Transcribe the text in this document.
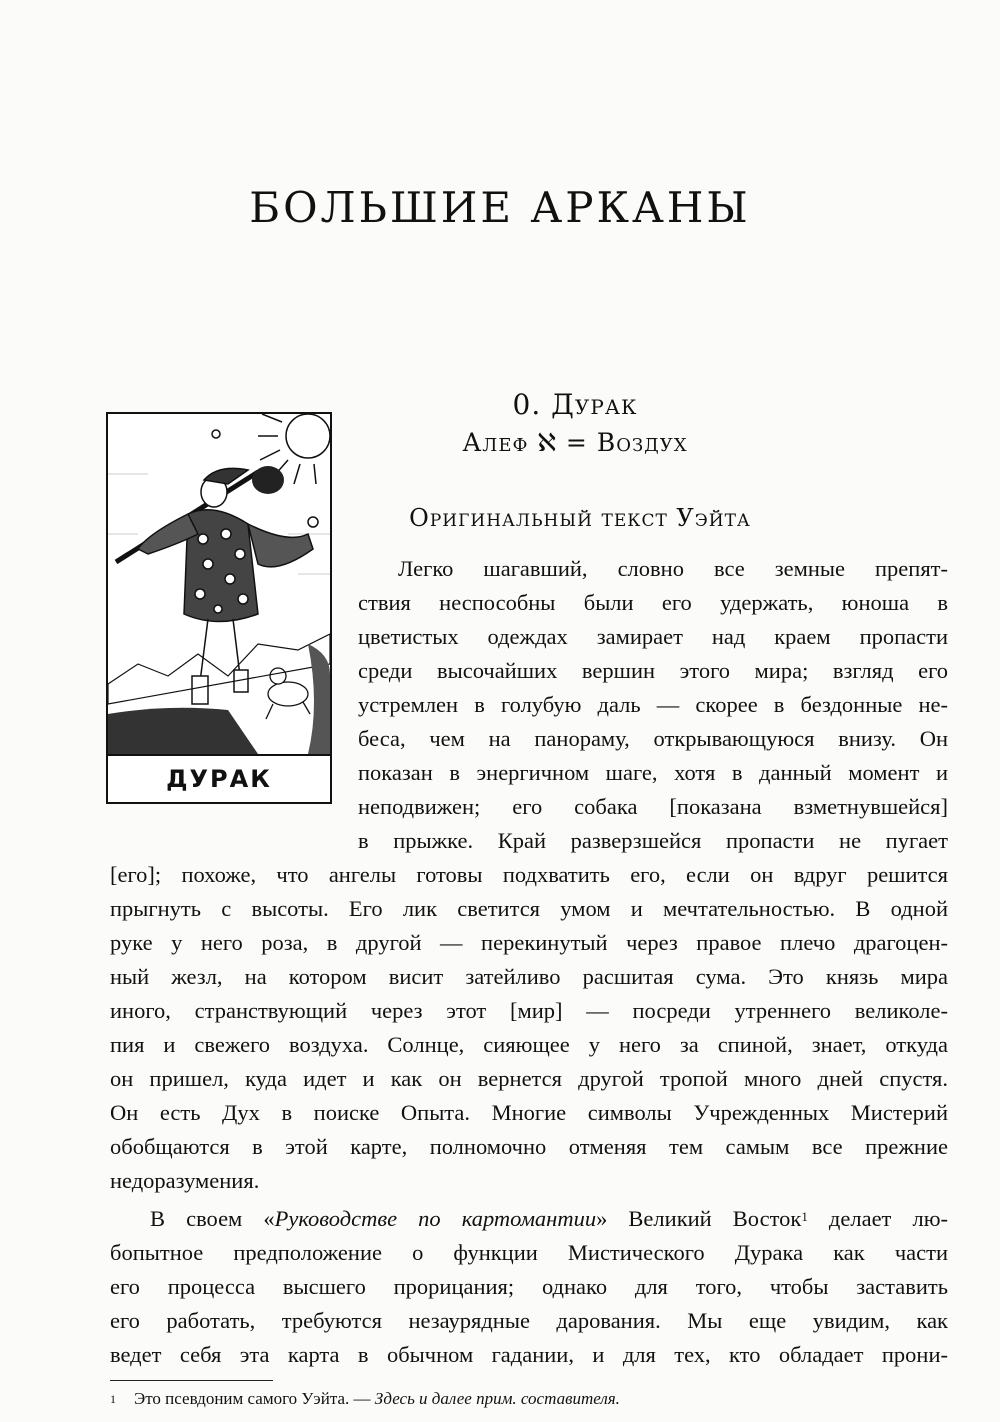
БОЛЬШИЕ АРКАНЫ
ДУРАК
0. Дурак
Алеф ℵ = Воздух
Оригинальный текст Уэйта
Легко шагавший, словно все земные препят-
ствия неспособны были его удержать, юноша в
цветистых одеждах замирает над краем пропасти
среди высочайших вершин этого мира; взгляд его
устремлен в голубую даль — скорее в бездонные не-
беса, чем на панораму, открывающуюся внизу. Он
показан в энергичном шаге, хотя в данный момент и
неподвижен; его собака [показана взметнувшейся]
в прыжке. Край разверзшейся пропасти не пугает
[его]; похоже, что ангелы готовы подхватить его, если он вдруг решится
прыгнуть с высоты. Его лик светится умом и мечтательностью. В одной
руке у него роза, в другой — перекинутый через правое плечо драгоцен-
ный жезл, на котором висит затейливо расшитая сума. Это князь мира
иного, странствующий через этот [мир] — посреди утреннего великоле-
пия и свежего воздуха. Солнце, сияющее у него за спиной, знает, откуда
он пришел, куда идет и как он вернется другой тропой много дней спустя.
Он есть Дух в поиске Опыта. Многие символы Учрежденных Мистерий
обобщаются в этой карте, полномочно отменяя тем самым все прежние
недоразумения.
В своем «Руководстве по картомантии» Великий Восток$^1$ делает лю-
бопытное предположение о функции Мистического Дурака как части
его процесса высшего прорицания; однако для того, чтобы заставить
его работать, требуются незаурядные дарования. Мы еще увидим, как
ведет себя эта карта в обычном гадании, и для тех, кто обладает прони-
$^1$ Это псевдоним самого Уэйта. — Здесь и далее прим. составителя.
